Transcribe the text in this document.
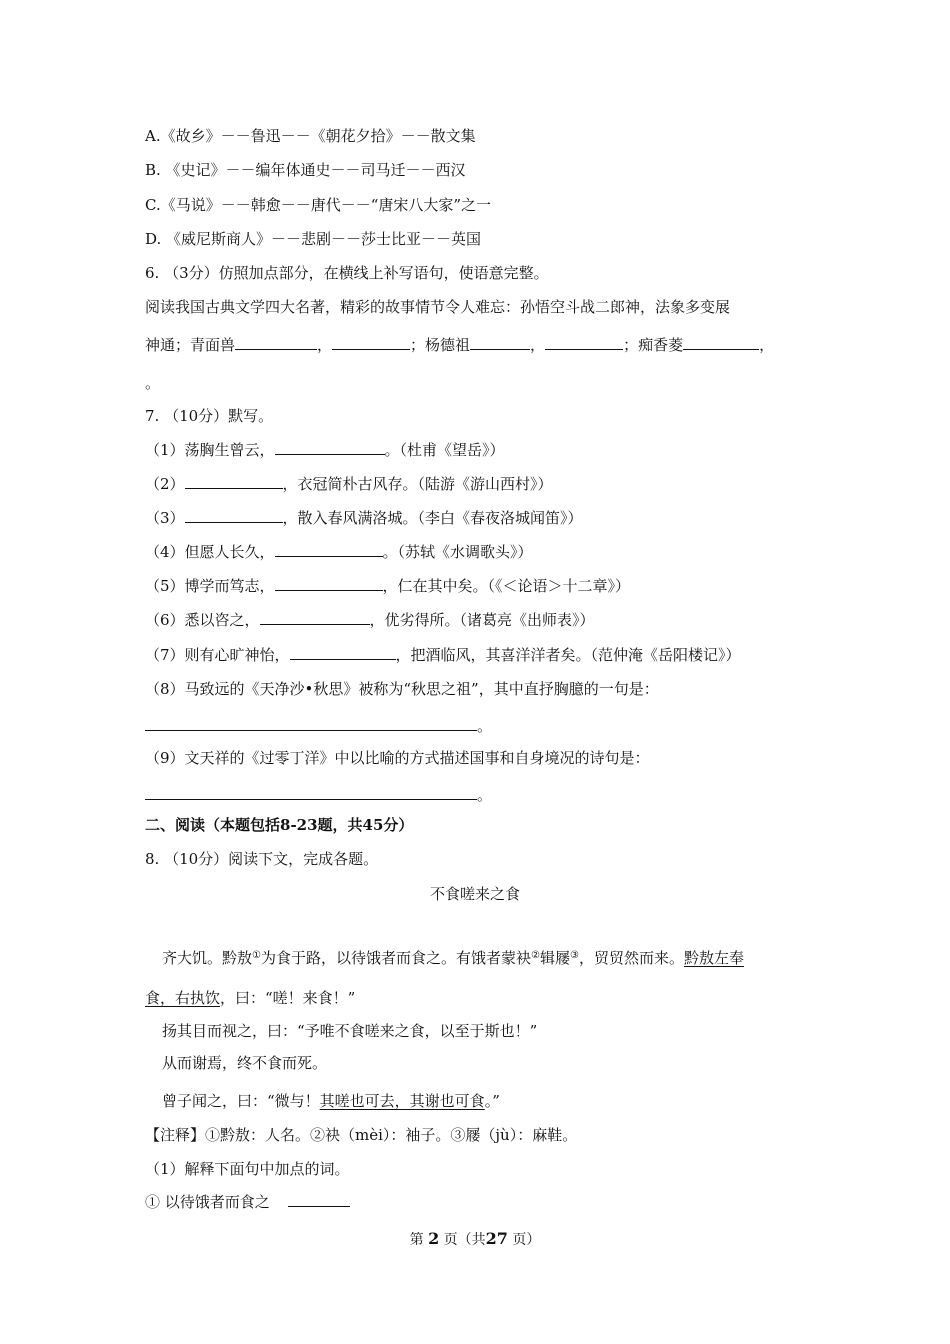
A.《故乡》－－鲁迅－－《朝花夕拾》－－散文集
B. 《史记》－－编年体通史－－司马迁－－西汉
C.《马说》－－韩愈－－唐代－－“唐宋八大家”之一
D. 《威尼斯商人》－－悲剧－－莎士比亚－－英国
6. （3分）仿照加点部分，在横线上补写语句，使语意完整。
阅读我国古典文学四大名著，精彩的故事情节令人难忘：孙悟空斗战二郎神，法象多变展
神通；青面兽	，	；杨德祖	，	；痴香菱	，
。
7. （10分）默写。
（1）荡胸生曾云，	。（杜甫《望岳》）
（2）	，衣冠简朴古风存。（陆游《游山西村》）
（3）	，散入春风满洛城。（李白《春夜洛城闻笛》）
（4）但愿人长久，	。（苏轼《水调歌头》）
（5）博学而笃志，	，仁在其中矣。（《＜论语＞十二章》）
（6）悉以咨之，	，优劣得所。（诸葛亮《出师表》）
（7）则有心旷神怡，	，把酒临风，其喜洋洋者矣。（范仲淹《岳阳楼记》）
（8）马致远的《天净沙•秋思》被称为“秋思之祖”，其中直抒胸臆的一句是：
。
（9）文天祥的《过零丁洋》中以比喻的方式描述国事和自身境况的诗句是：
。
二、阅读（本题包括8-23题，共45分）
8. （10分）阅读下文，完成各题。
不食嗟来之食
齐大饥。黔敖①为食于路，以待饿者而食之。有饿者蒙袂②辑屦③，贸贸然而来。黔敖左奉
食，右执饮，曰：“嗟！来食！”
扬其目而视之，曰：“予唯不食嗟来之食，以至于斯也！”
从而谢焉，终不食而死。
曾子闻之，曰：“微与！其嗟也可去，其谢也可食。”
【注释】①黔敖：人名。②袂（mèi）：袖子。③屦（jù）：麻鞋。
（1）解释下面句中加点的词。
① 以待饿者而食之
第 2 页（共27 页）
